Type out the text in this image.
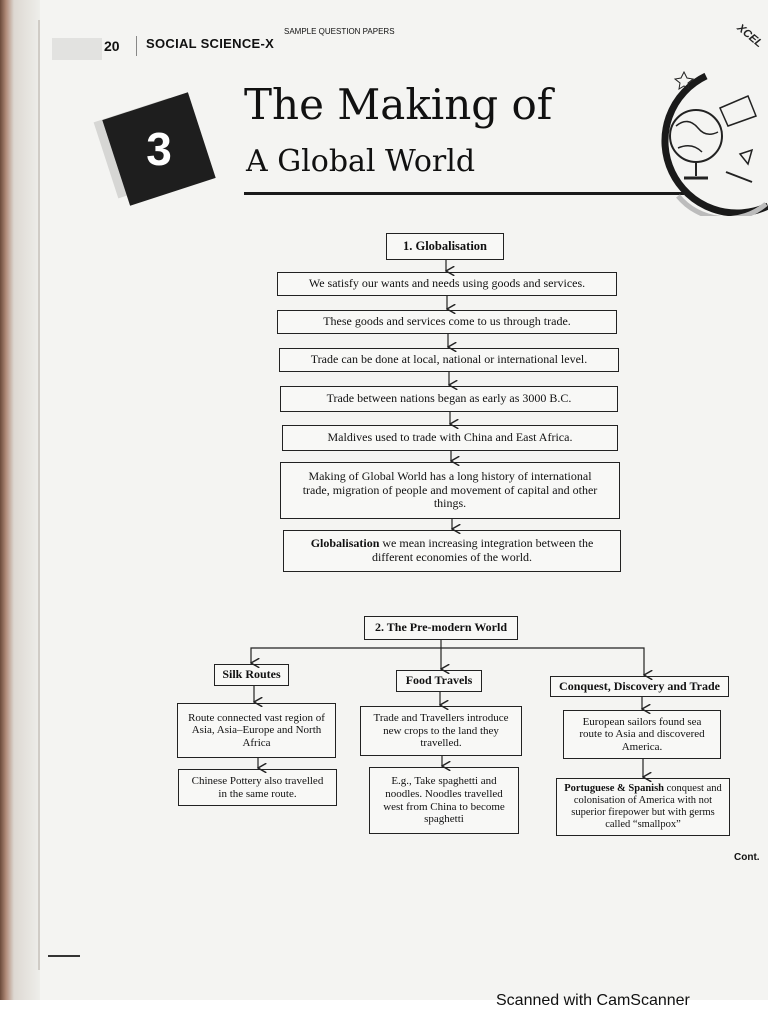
20 SOCIAL SCIENCE-X
SAMPLE QUESTION PAPERS	XCEL
3
The Making of
A Global World
1. Globalisation
We satisfy our wants and needs using goods and services.
These goods and services come to us through trade.
Trade can be done at local, national or international level.
Trade between nations began as early as 3000 B.C.
Maldives used to trade with China and East Africa.
Making of Global World has a long history of international trade, migration of people and movement of capital and other things.
Globalisation we mean increasing integration between the different economies of the world.
2. The Pre-modern World
Silk Routes	Food Travels	Conquest, Discovery and Trade
Route connected vast region of Asia, Asia–Europe and North Africa
Chinese Pottery also travelled in the same route.
Trade and Travellers introduce new crops to the land they travelled.
E.g., Take spaghetti and noodles. Noodles travelled west from China to become spaghetti
European sailors found sea route to Asia and discovered America.
Portuguese & Spanish conquest and colonisation of America with not superior firepower but with germs called “smallpox”
Cont.
Scanned with CamScanner
